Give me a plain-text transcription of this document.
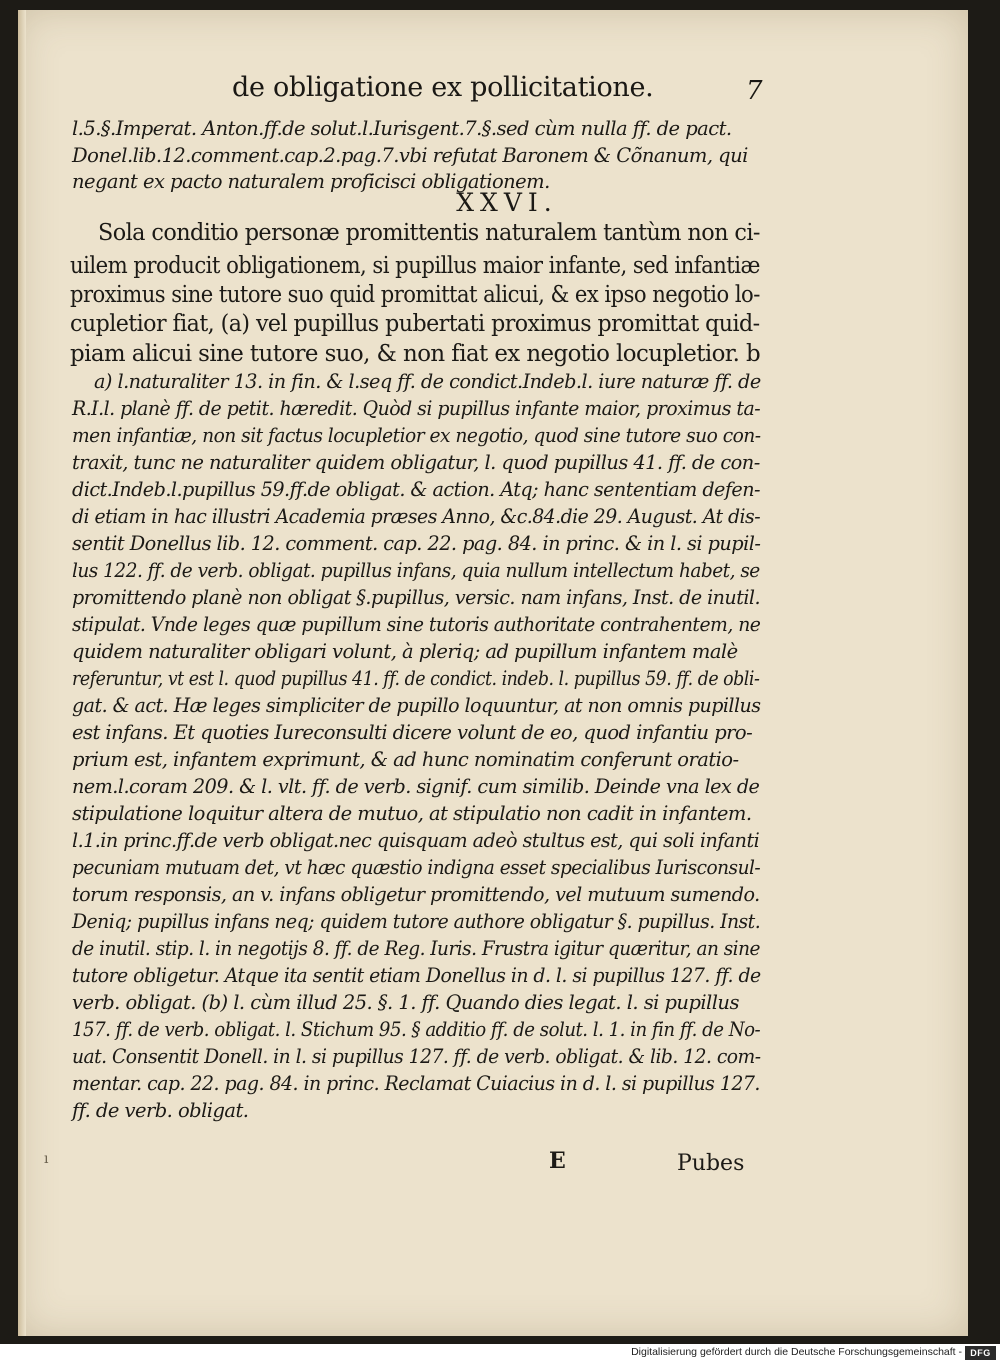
de obligatione ex pollicitatione.	7
l.5.§.Imperat. Anton.ff.de solut.l.Iurisgent.7.§.sed cùm nulla ff. de pact.
Donel.lib.12.comment.cap.2.pag.7.vbi refutat Baronem & Cõnanum, qui
negant ex pacto naturalem proficisci obligationem.
Sola conditio personæ promittentis naturalem tantùm non ci-
uilem producit obligationem, si pupillus maior infante, sed infantiæ
proximus sine tutore suo quid promittat alicui, & ex ipso negotio lo-
cupletior fiat, (a) vel pupillus pubertati proximus promittat quid-
piam alicui sine tutore suo, & non fiat ex negotio locupletior. b
a) l.naturaliter 13. in fin. & l.seq ff. de condict.Indeb.l. iure naturæ ff. de
R.I.l. planè ff. de petit. hæredit. Quòd si pupillus infante maior, proximus ta-
men infantiæ, non sit factus locupletior ex negotio, quod sine tutore suo con-
traxit, tunc ne naturaliter quidem obligatur, l. quod pupillus 41. ff. de con-
dict.Indeb.l.pupillus 59.ff.de obligat. & action. Atq; hanc sententiam defen-
di etiam in hac illustri Academia præses Anno, &c.84.die 29. August. At dis-
sentit Donellus lib. 12. comment. cap. 22. pag. 84. in princ. & in l. si pupil-
lus 122. ff. de verb. obligat. pupillus infans, quia nullum intellectum habet, se
promittendo planè non obligat §.pupillus, versic. nam infans, Inst. de inutil.
stipulat. Vnde leges quæ pupillum sine tutoris authoritate contrahentem, ne
quidem naturaliter obligari volunt, à pleriq; ad pupillum infantem malè
referuntur, vt est l. quod pupillus 41. ff. de condict. indeb. l. pupillus 59. ff. de obli-
gat. & act. Hæ leges simpliciter de pupillo loquuntur, at non omnis pupillus
est infans. Et quoties Iureconsulti dicere volunt de eo, quod infantiu pro-
prium est, infantem exprimunt, & ad hunc nominatim conferunt oratio-
nem.l.coram 209. & l. vlt. ff. de verb. signif. cum similib. Deinde vna lex de
stipulatione loquitur altera de mutuo, at stipulatio non cadit in infantem.
l.1.in princ.ff.de verb obligat.nec quisquam adeò stultus est, qui soli infanti
pecuniam mutuam det, vt hæc quæstio indigna esset specialibus Iurisconsul-
torum responsis, an v. infans obligetur promittendo, vel mutuum sumendo.
Deniq; pupillus infans neq; quidem tutore authore obligatur §. pupillus. Inst.
de inutil. stip. l. in negotijs 8. ff. de Reg. Iuris. Frustra igitur quæritur, an sine
tutore obligetur. Atque ita sentit etiam Donellus in d. l. si pupillus 127. ff. de
verb. obligat. (b) l. cùm illud 25. §. 1. ff. Quando dies legat. l. si pupillus
157. ff. de verb. obligat. l. Stichum 95. § additio ff. de solut. l. 1. in fin ff. de No-
uat. Consentit Donell. in l. si pupillus 127. ff. de verb. obligat. & lib. 12. com-
mentar. cap. 22. pag. 84. in princ. Reclamat Cuiacius in d. l. si pupillus 127.
ff. de verb. obligat.
XXVI.
ı	E	Pubes
Digitalisierung gefördert durch die Deutsche Forschungsgemeinschaft - DFG
